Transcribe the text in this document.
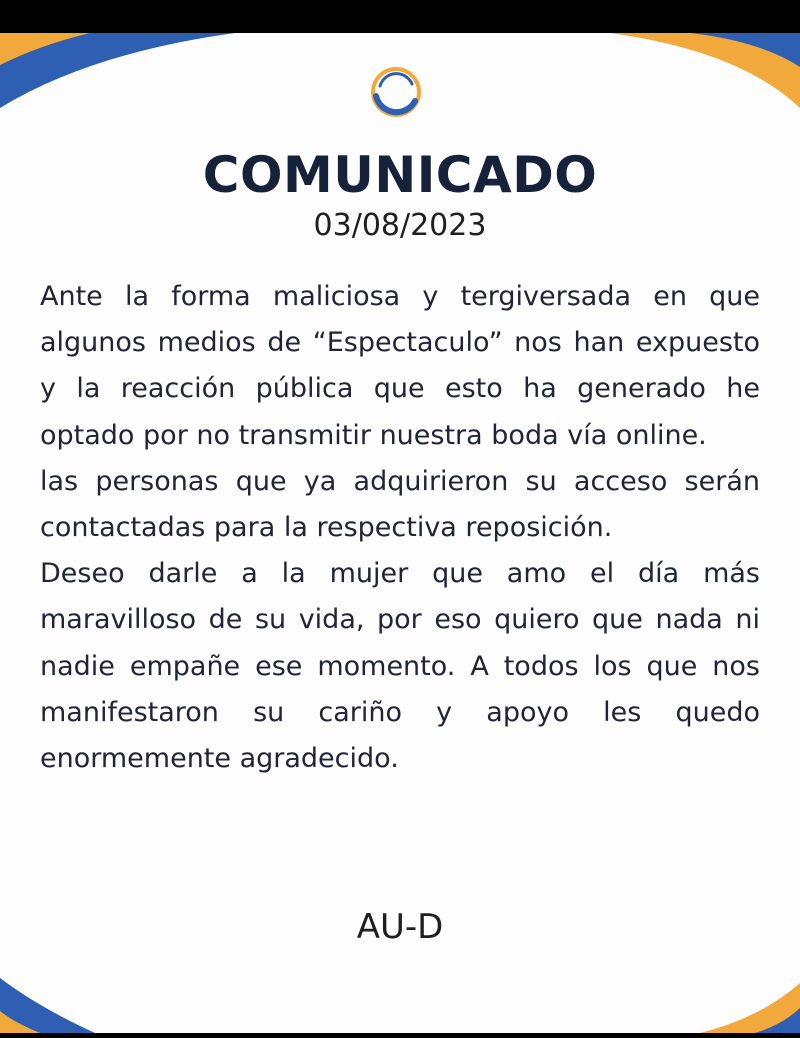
COMUNICADO
03/08/2023

Ante la forma maliciosa y tergiversada en que algunos medios de “Espectaculo” nos han expuesto y la reacción pública que esto ha generado he optado por no transmitir nuestra boda vía online.

las personas que ya adquirieron su acceso serán contactadas para la respectiva reposición.

Deseo darle a la mujer que amo el día más maravilloso de su vida, por eso quiero que nada ni nadie empañe ese momento. A todos los que nos manifestaron su cariño y apoyo les quedo enormemente agradecido.

AU-D
